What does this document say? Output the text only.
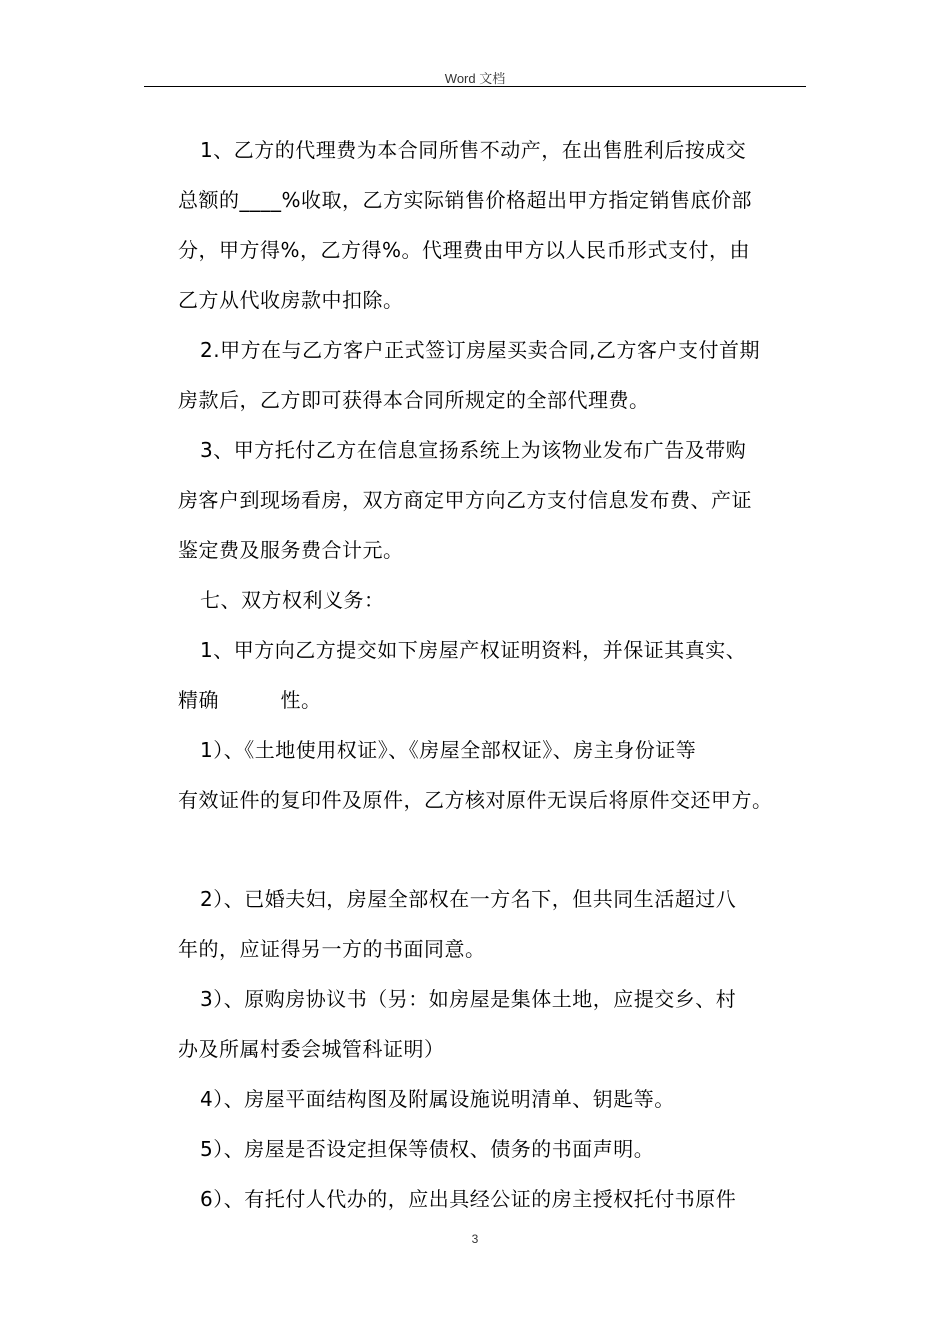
Word 文档
1、乙方的代理费为本合同所售不动产，在出售胜利后按成交
总额的____%收取，乙方实际销售价格超出甲方指定销售底价部
分，甲方得%，乙方得%。代理费由甲方以人民币形式支付，由
乙方从代收房款中扣除。
2.甲方在与乙方客户正式签订房屋买卖合同,乙方客户支付首期
房款后，乙方即可获得本合同所规定的全部代理费。
3、甲方托付乙方在信息宣扬系统上为该物业发布广告及带购
房客户到现场看房，双方商定甲方向乙方支付信息发布费、产证
鉴定费及服务费合计元。
七、双方权利义务：
1、甲方向乙方提交如下房屋产权证明资料，并保证其真实、
精确　　　性。
1）、《土地使用权证》、《房屋全部权证》、房主身份证等
有效证件的复印件及原件，乙方核对原件无误后将原件交还甲方。
2）、已婚夫妇，房屋全部权在一方名下，但共同生活超过八
年的，应证得另一方的书面同意。
3）、原购房协议书（另：如房屋是集体土地，应提交乡、村
办及所属村委会城管科证明）
4）、房屋平面结构图及附属设施说明清单、钥匙等。
5）、房屋是否设定担保等债权、债务的书面声明。
6）、有托付人代办的，应出具经公证的房主授权托付书原件
3
